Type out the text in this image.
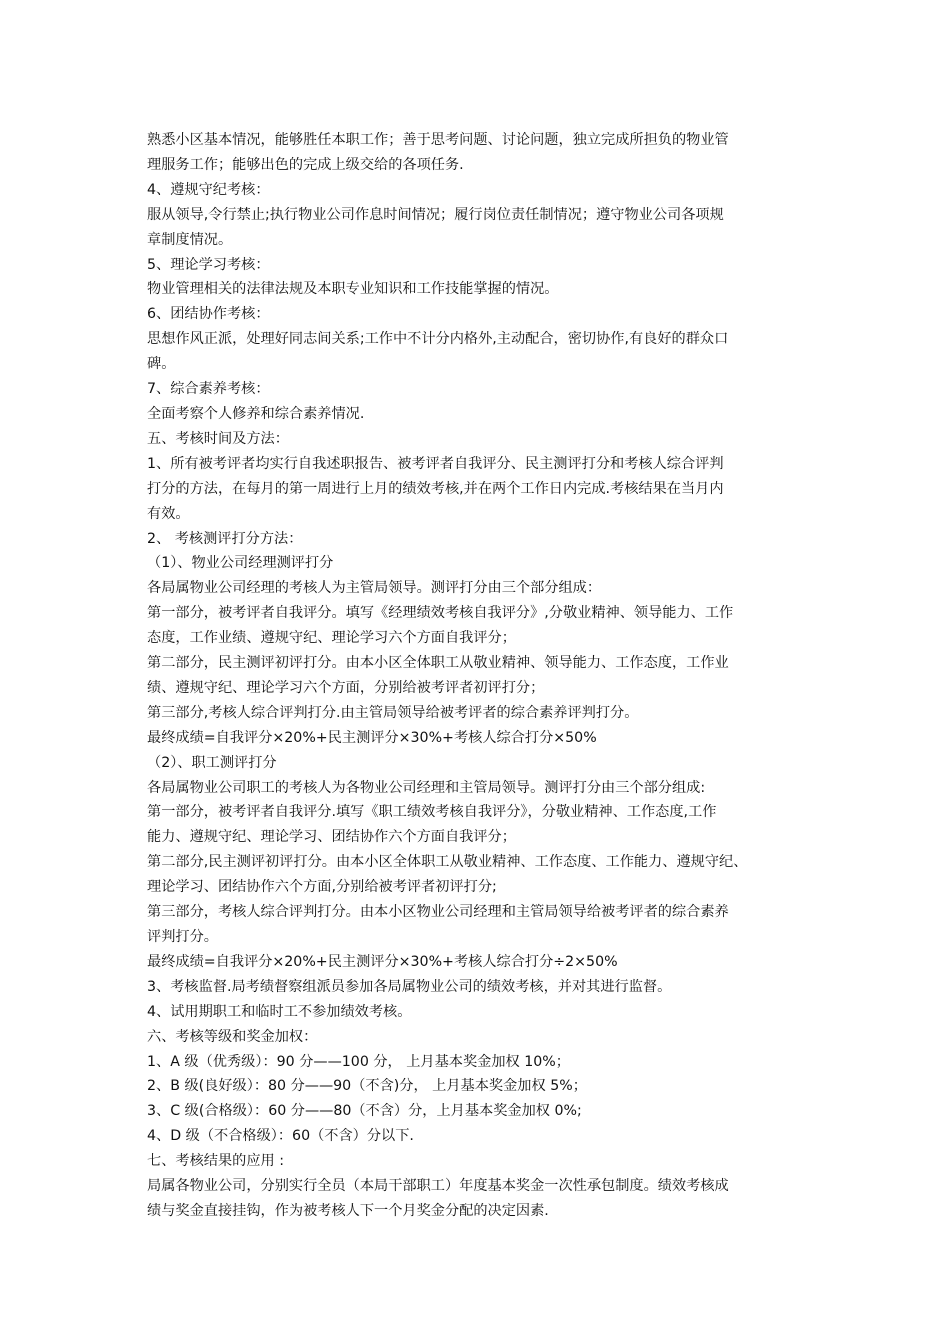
熟悉小区基本情况，能够胜任本职工作；善于思考问题、讨论问题，独立完成所担负的物业管
理服务工作；能够出色的完成上级交给的各项任务.
4、遵规守纪考核：
服从领导,令行禁止;执行物业公司作息时间情况；履行岗位责任制情况；遵守物业公司各项规
章制度情况。
5、理论学习考核：
物业管理相关的法律法规及本职专业知识和工作技能掌握的情况。
6、团结协作考核：
思想作风正派，处理好同志间关系;工作中不计分内格外,主动配合，密切协作,有良好的群众口
碑。
7、综合素养考核：
全面考察个人修养和综合素养情况.
五、考核时间及方法：
1、所有被考评者均实行自我述职报告、被考评者自我评分、民主测评打分和考核人综合评判
打分的方法，在每月的第一周进行上月的绩效考核,并在两个工作日内完成.考核结果在当月内
有效。
2、 考核测评打分方法：
（1）、物业公司经理测评打分
各局属物业公司经理的考核人为主管局领导。测评打分由三个部分组成：
第一部分，被考评者自我评分。填写《经理绩效考核自我评分》,分敬业精神、领导能力、工作
态度，工作业绩、遵规守纪、理论学习六个方面自我评分；
第二部分，民主测评初评打分。由本小区全体职工从敬业精神、领导能力、工作态度，工作业
绩、遵规守纪、理论学习六个方面，分别给被考评者初评打分；
第三部分,考核人综合评判打分.由主管局领导给被考评者的综合素养评判打分。
最终成绩=自我评分×20%+民主测评分×30%+考核人综合打分×50%
（2）、职工测评打分
各局属物业公司职工的考核人为各物业公司经理和主管局领导。测评打分由三个部分组成:
第一部分，被考评者自我评分.填写《职工绩效考核自我评分》，分敬业精神、工作态度,工作
能力、遵规守纪、理论学习、团结协作六个方面自我评分；
第二部分,民主测评初评打分。由本小区全体职工从敬业精神、工作态度、工作能力、遵规守纪、
理论学习、团结协作六个方面,分别给被考评者初评打分;
第三部分，考核人综合评判打分。由本小区物业公司经理和主管局领导给被考评者的综合素养
评判打分。
最终成绩=自我评分×20%+民主测评分×30%+考核人综合打分÷2×50%
3、考核监督.局考绩督察组派员参加各局属物业公司的绩效考核，并对其进行监督。
4、试用期职工和临时工不参加绩效考核。
六、考核等级和奖金加权：
1、A 级（优秀级）：90 分——100 分， 上月基本奖金加权 10%；
2、B 级(良好级）：80 分——90（不含)分， 上月基本奖金加权 5%；
3、C 级(合格级）：60 分——80（不含）分，上月基本奖金加权 0%;
4、D 级（不合格级）：60（不含）分以下.
七、考核结果的应用 :
局属各物业公司，分别实行全员（本局干部职工）年度基本奖金一次性承包制度。绩效考核成
绩与奖金直接挂钩，作为被考核人下一个月奖金分配的决定因素.
